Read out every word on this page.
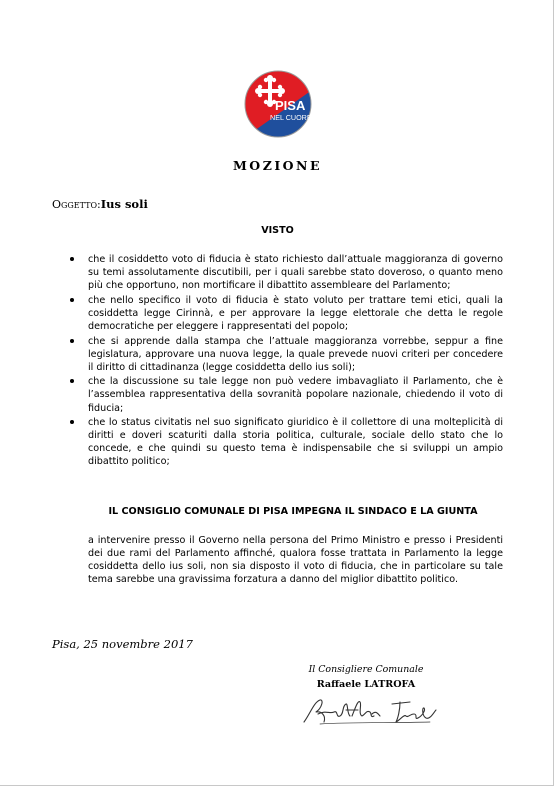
PISA
NEL CUORE
MOZIONE
Oggetto:Ius soli
VISTO
che il cosiddetto voto di fiducia è stato richiesto dall’attuale maggioranza di governo su temi assolutamente discutibili, per i quali sarebbe stato doveroso, o quanto meno più che opportuno, non mortificare il dibattito assembleare del Parlamento;
che nello specifico il voto di fiducia è stato voluto per trattare temi etici, quali la cosiddetta legge Cirinnà, e per approvare la legge elettorale che detta le regole democratiche per eleggere i rappresentati del popolo;
che si apprende dalla stampa che l’attuale maggioranza vorrebbe, seppur a fine legislatura, approvare una nuova legge, la quale prevede nuovi criteri per concedere il diritto di cittadinanza (legge cosiddetta dello ius soli);
che la discussione su tale legge non può vedere imbavagliato il Parlamento, che è l’assemblea rappresentativa della sovranità popolare nazionale, chiedendo il voto di fiducia;
che lo status civitatis nel suo significato giuridico è il collettore di una molteplicità di diritti e doveri scaturiti dalla storia politica, culturale, sociale dello stato che lo concede, e che quindi su questo tema è indispensabile che si sviluppi un ampio dibattito politico;
IL CONSIGLIO COMUNALE DI PISA IMPEGNA IL SINDACO E LA GIUNTA
a intervenire presso il Governo nella persona del Primo Ministro e presso i Presidenti dei due rami del Parlamento affinché, qualora fosse trattata in Parlamento la legge cosiddetta dello ius soli, non sia disposto il voto di fiducia, che in particolare su tale tema sarebbe una gravissima forzatura a danno del miglior dibattito politico.
Pisa, 25 novembre 2017
Il Consigliere Comunale
Raffaele LATROFA
